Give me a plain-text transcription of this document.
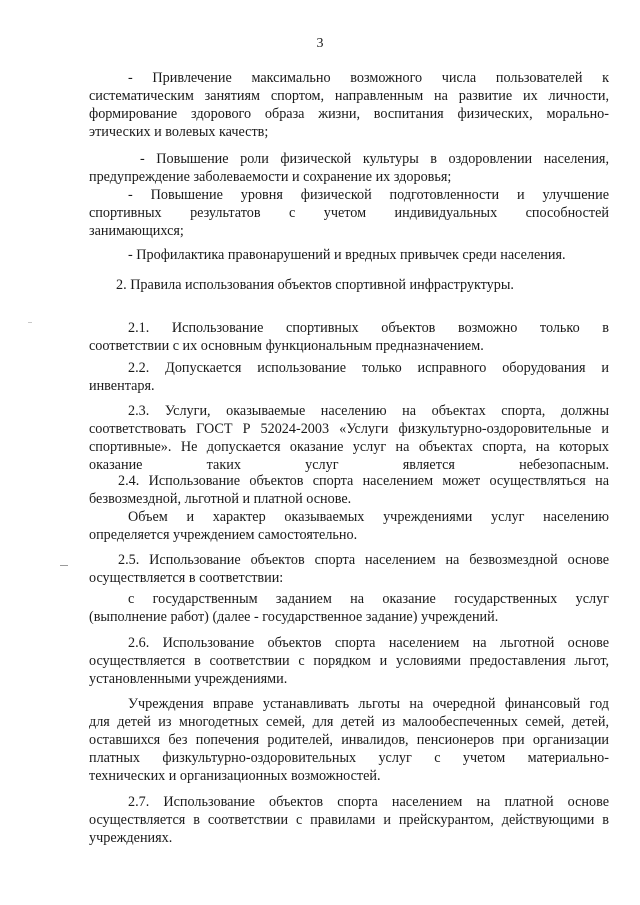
3
- Привлечение максимально возможного числа пользователей к
систематическим занятиям спортом, направленным на развитие их личности,
формирование здорового образа жизни, воспитания физических, морально-
этических и волевых качеств;
- Повышение роли физической культуры в оздоровлении населения,
предупреждение заболеваемости и сохранение их здоровья;
- Повышение уровня физической подготовленности и улучшение
спортивных результатов с учетом индивидуальных способностей
занимающихся;
- Профилактика правонарушений и вредных привычек среди населения.
2. Правила использования объектов спортивной инфраструктуры.
2.1. Использование спортивных объектов возможно только в
соответствии с их основным функциональным предназначением.
2.2. Допускается использование только исправного оборудования и
инвентаря.
2.3. Услуги, оказываемые населению на объектах спорта, должны
соответствовать ГОСТ Р 52024-2003 «Услуги физкультурно-оздоровительные и
спортивные». Не допускается оказание услуг на объектах спорта, на которых
оказание таких услуг является небезопасным.
2.4. Использование объектов спорта населением может осуществляться на
безвозмездной, льготной и платной основе.
Объем и характер оказываемых учреждениями услуг населению
определяется учреждением самостоятельно.
2.5. Использование объектов спорта населением на безвозмездной основе
осуществляется в соответствии:
с государственным заданием на оказание государственных услуг
(выполнение работ) (далее - государственное задание) учреждений.
2.6. Использование объектов спорта населением на льготной основе
осуществляется в соответствии с порядком и условиями предоставления льгот,
установленными учреждениями.
Учреждения вправе устанавливать льготы на очередной финансовый год
для детей из многодетных семей, для детей из малообеспеченных семей, детей,
оставшихся без попечения родителей, инвалидов, пенсионеров при организации
платных физкультурно-оздоровительных услуг с учетом материально-
технических и организационных возможностей.
2.7. Использование объектов спорта населением на платной основе
осуществляется в соответствии с правилами и прейскурантом, действующими в
учреждениях.
